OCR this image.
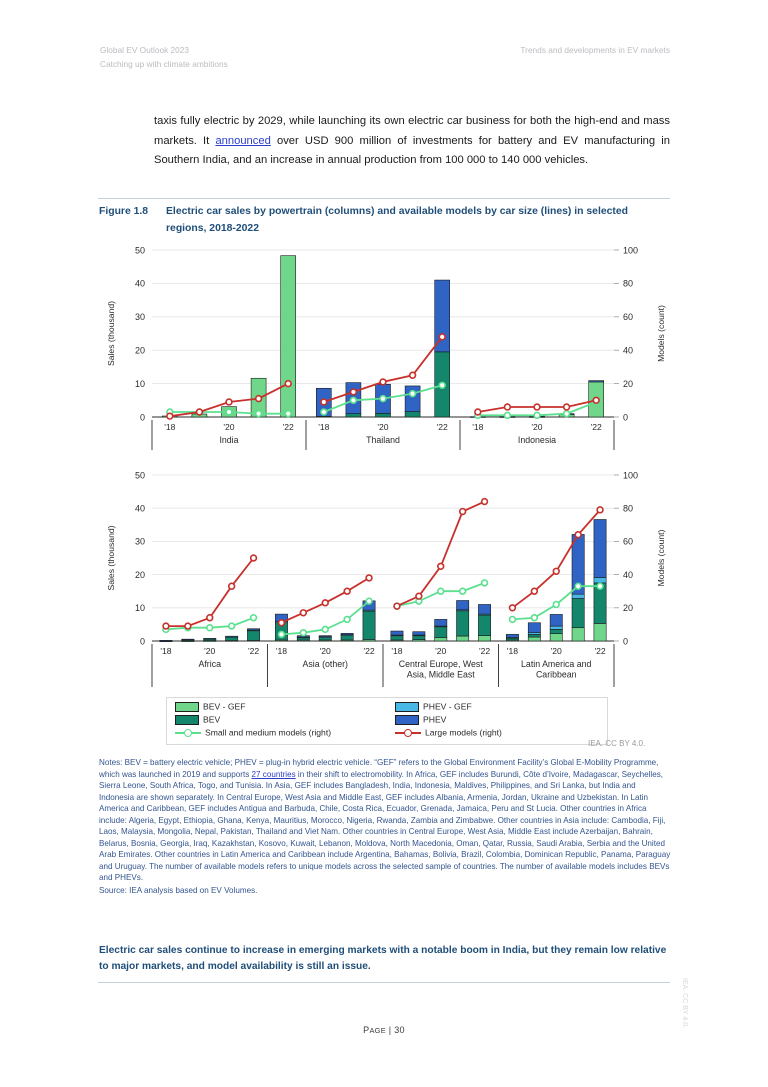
Global EV Outlook 2023
Catching up with climate ambitions
Trends and developments in EV markets

taxis fully electric by 2029, while launching its own electric car business for both the high-end and mass markets. It announced over USD 900 million of investments for battery and EV manufacturing in Southern India, and an increase in annual production from 100 000 to 140 000 vehicles.

Figure 1.8	Electric car sales by powertrain (columns) and available models by car size (lines) in selected regions, 2018-2022
0
10
20
30
40
50
0
20
40
60
80
100
Sales (thousand)	Models (count)
'18	'20	'22
India
'18	'20	'22
Thailand
'18	'20	'22
Indonesia
0
10
20
30
40
50
0
20
40
60
80
100
Sales (thousand)	Models (count)
'18	'20	'22
Africa
'18	'20	'22
Asia (other)
'18	'20	'22
Central Europe, West
Asia, Middle East
'18	'20	'22
Latin America and
Caribbean
BEV - GEF
BEV
Small and medium models (right)
PHEV - GEF
PHEV
Large models (right)
IEA. CC BY 4.0.
Notes: BEV = battery electric vehicle; PHEV = plug-in hybrid electric vehicle. “GEF” refers to the Global Environment Facility’s Global E-Mobility Programme, which was launched in 2019 and supports 27 countries in their shift to electromobility. In Africa, GEF includes Burundi, Côte d’Ivoire, Madagascar, Seychelles, Sierra Leone, South Africa, Togo, and Tunisia. In Asia, GEF includes Bangladesh, India, Indonesia, Maldives, Philippines, and Sri Lanka, but India and Indonesia are shown separately. In Central Europe, West Asia and Middle East, GEF includes Albania, Armenia, Jordan, Ukraine and Uzbekistan. In Latin America and Caribbean, GEF includes Antigua and Barbuda, Chile, Costa Rica, Ecuador, Grenada, Jamaica, Peru and St Lucia. Other countries in Africa include: Algeria, Egypt, Ethiopia, Ghana, Kenya, Mauritius, Morocco, Nigeria, Rwanda, Zambia and Zimbabwe. Other countries in Asia include: Cambodia, Fiji, Laos, Malaysia, Mongolia, Nepal, Pakistan, Thailand and Viet Nam. Other countries in Central Europe, West Asia, Middle East include Azerbaijan, Bahrain, Belarus, Bosnia, Georgia, Iraq, Kazakhstan, Kosovo, Kuwait, Lebanon, Moldova, North Macedonia, Oman, Qatar, Russia, Saudi Arabia, Serbia and the United Arab Emirates. Other countries in Latin America and Caribbean include Argentina, Bahamas, Bolivia, Brazil, Colombia, Dominican Republic, Panama, Paraguay and Uruguay. The number of available models refers to unique models across the selected sample of countries. The number of available models includes BEVs and PHEVs.
Source: IEA analysis based on EV Volumes.
Electric car sales continue to increase in emerging markets with a notable boom in India, but they remain low relative to major markets, and model availability is still an issue.
IEA. CC BY 4.0.
PAGE | 30
